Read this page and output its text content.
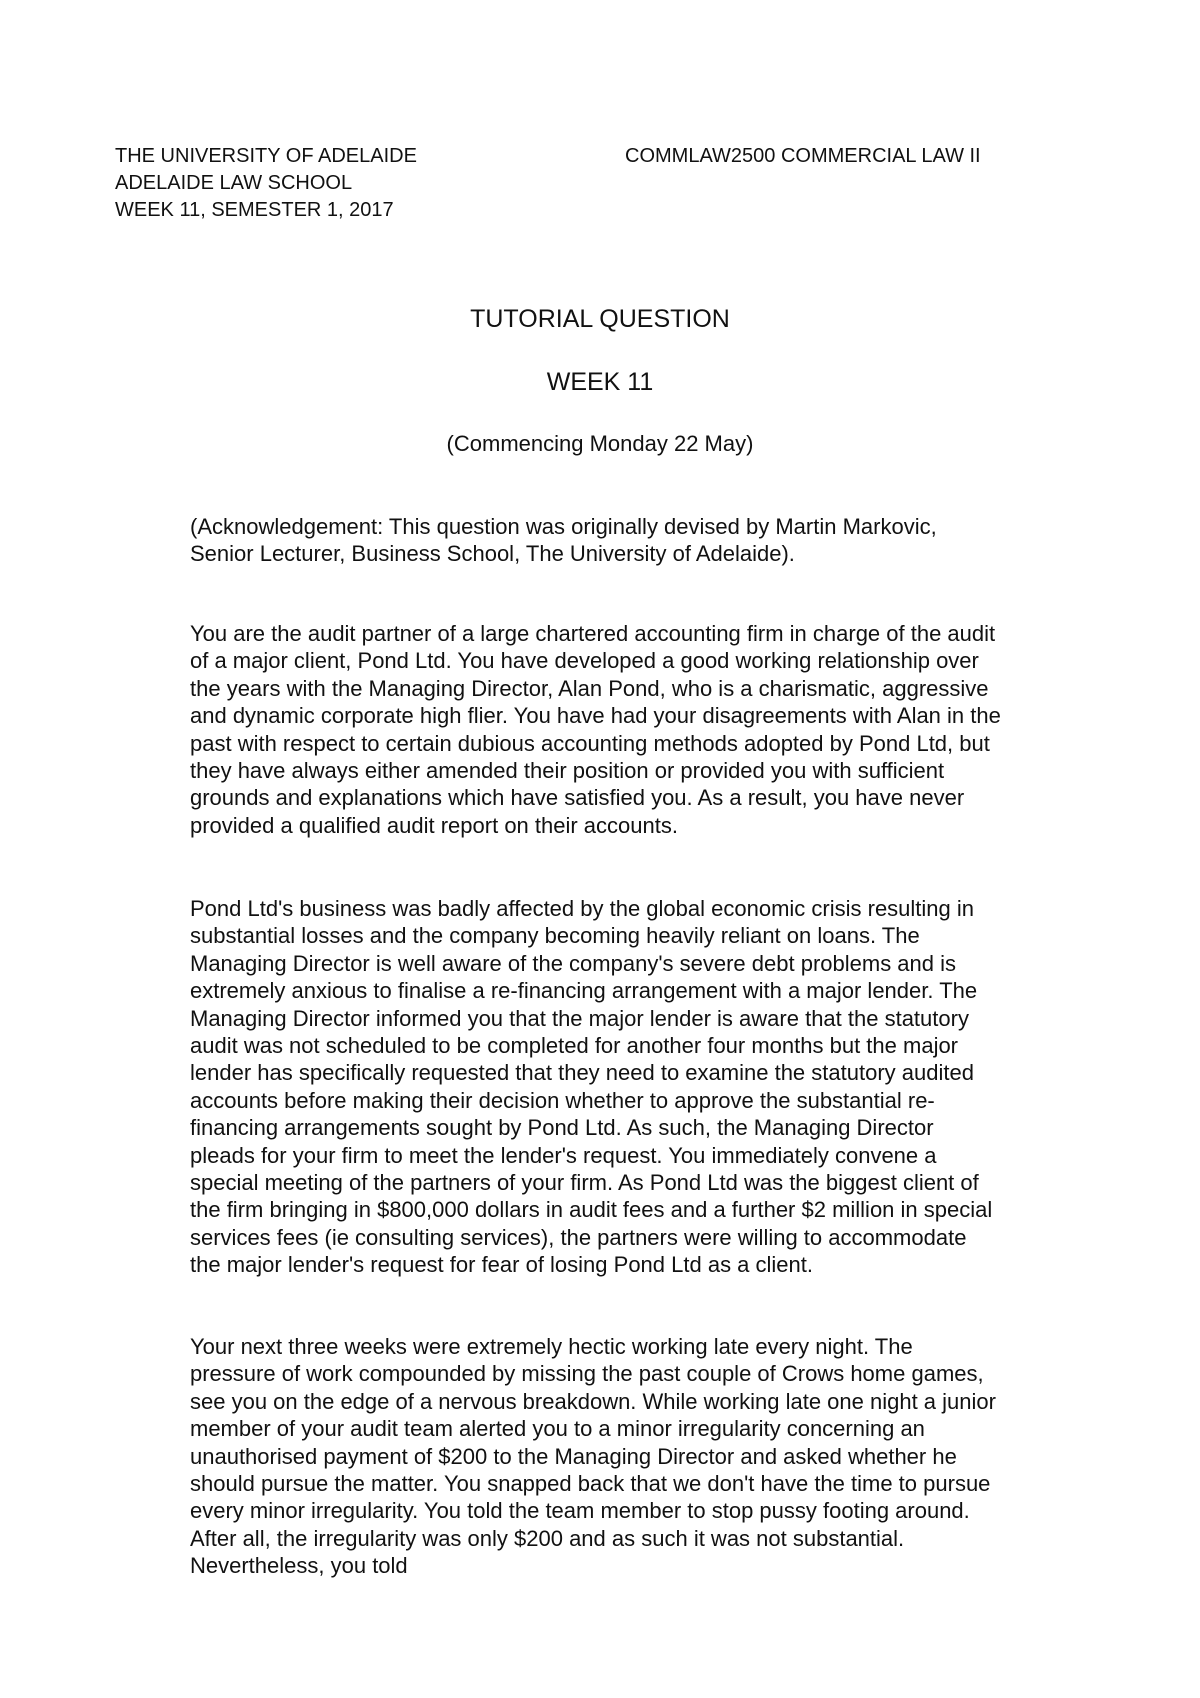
THE UNIVERSITY OF ADELAIDE
ADELAIDE LAW SCHOOL
WEEK 11, SEMESTER 1, 2017
COMMLAW2500 COMMERCIAL LAW II
TUTORIAL QUESTION
WEEK 11
(Commencing Monday 22 May)
(Acknowledgement: This question was originally devised by Martin Markovic,
Senior Lecturer, Business School, The University of Adelaide).
You are the audit partner of a large chartered accounting firm in charge of the audit
of a major client, Pond Ltd. You have developed a good working relationship over
the years with the Managing Director, Alan Pond, who is a charismatic, aggressive
and dynamic corporate high flier. You have had your disagreements with Alan in the
past with respect to certain dubious accounting methods adopted by Pond Ltd, but
they have always either amended their position or provided you with sufficient
grounds and explanations which have satisfied you. As a result, you have never
provided a qualified audit report on their accounts.
Pond Ltd's business was badly affected by the global economic crisis resulting in
substantial losses and the company becoming heavily reliant on loans. The
Managing Director is well aware of the company's severe debt problems and is
extremely anxious to finalise a re-financing arrangement with a major lender. The
Managing Director informed you that the major lender is aware that the statutory
audit was not scheduled to be completed for another four months but the major
lender has specifically requested that they need to examine the statutory audited
accounts before making their decision whether to approve the substantial re-
financing arrangements sought by Pond Ltd. As such, the Managing Director
pleads for your firm to meet the lender's request. You immediately convene a
special meeting of the partners of your firm. As Pond Ltd was the biggest client of
the firm bringing in $800,000 dollars in audit fees and a further $2 million in special
services fees (ie consulting services), the partners were willing to accommodate
the major lender's request for fear of losing Pond Ltd as a client.
Your next three weeks were extremely hectic working late every night. The
pressure of work compounded by missing the past couple of Crows home games,
see you on the edge of a nervous breakdown. While working late one night a junior
member of your audit team alerted you to a minor irregularity concerning an
unauthorised payment of $200 to the Managing Director and asked whether he
should pursue the matter. You snapped back that we don't have the time to pursue
every minor irregularity. You told the team member to stop pussy footing around.
After all, the irregularity was only $200 and as such it was not substantial.
Nevertheless, you told
